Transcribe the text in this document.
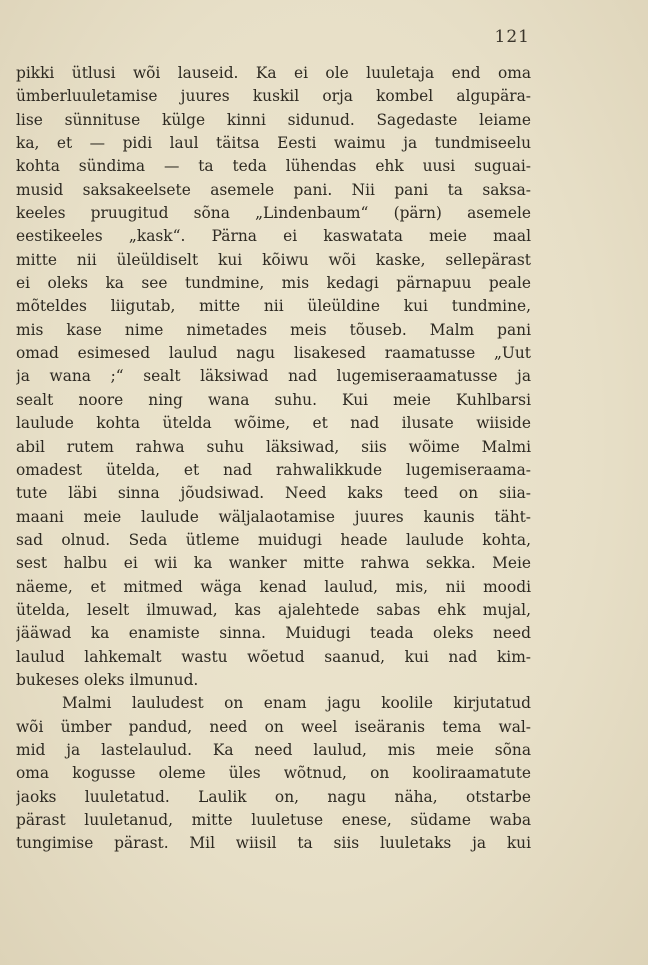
121
pikki ütlusi wõi lauseid. Ka ei ole luuletaja end oma
ümberluuletamise juures kuskil orja kombel algupära-
lise sünnituse külge kinni sidunud. Sagedaste leiame
ka, et — pidi laul täitsa Eesti waimu ja tundmiseelu
kohta sündima — ta teda lühendas ehk uusi suguai-
musid saksakeelsete asemele pani. Nii pani ta saksa-
keeles pruugitud sõna „Lindenbaum“ (pärn) asemele
eestikeeles „kask“. Pärna ei kaswatata meie maal
mitte nii üleüldiselt kui kõiwu wõi kaske, sellepärast
ei oleks ka see tundmine, mis kedagi pärnapuu peale
mõteldes liigutab, mitte nii üleüldine kui tundmine,
mis kase nime nimetades meis tõuseb. Malm pani
omad esimesed laulud nagu lisakesed raamatusse „Uut
ja wana ;“ sealt läksiwad nad lugemiseraamatusse ja
sealt noore ning wana suhu. Kui meie Kuhlbarsi
laulude kohta ütelda wõime, et nad ilusate wiiside
abil rutem rahwa suhu läksiwad, siis wõime Malmi
omadest ütelda, et nad rahwalikkude lugemiseraama-
tute läbi sinna jõudsiwad. Need kaks teed on siia-
maani meie laulude wäljalaotamise juures kaunis täht-
sad olnud. Seda ütleme muidugi heade laulude kohta,
sest halbu ei wii ka wanker mitte rahwa sekka. Meie
näeme, et mitmed wäga kenad laulud, mis, nii moodi
ütelda, leselt ilmuwad, kas ajalehtede sabas ehk mujal,
jääwad ka enamiste sinna. Muidugi teada oleks need
laulud lahkemalt wastu wõetud saanud, kui nad kim-
bukeses oleks ilmunud.
Malmi lauludest on enam jagu koolile kirjutatud
wõi ümber pandud, need on weel iseäranis tema wal-
mid ja lastelaulud. Ka need laulud, mis meie sõna
oma kogusse oleme üles wõtnud, on kooliraamatute
jaoks luuletatud. Laulik on, nagu näha, otstarbe
pärast luuletanud, mitte luuletuse enese, südame waba
tungimise pärast. Mil wiisil ta siis luuletaks ja kui
